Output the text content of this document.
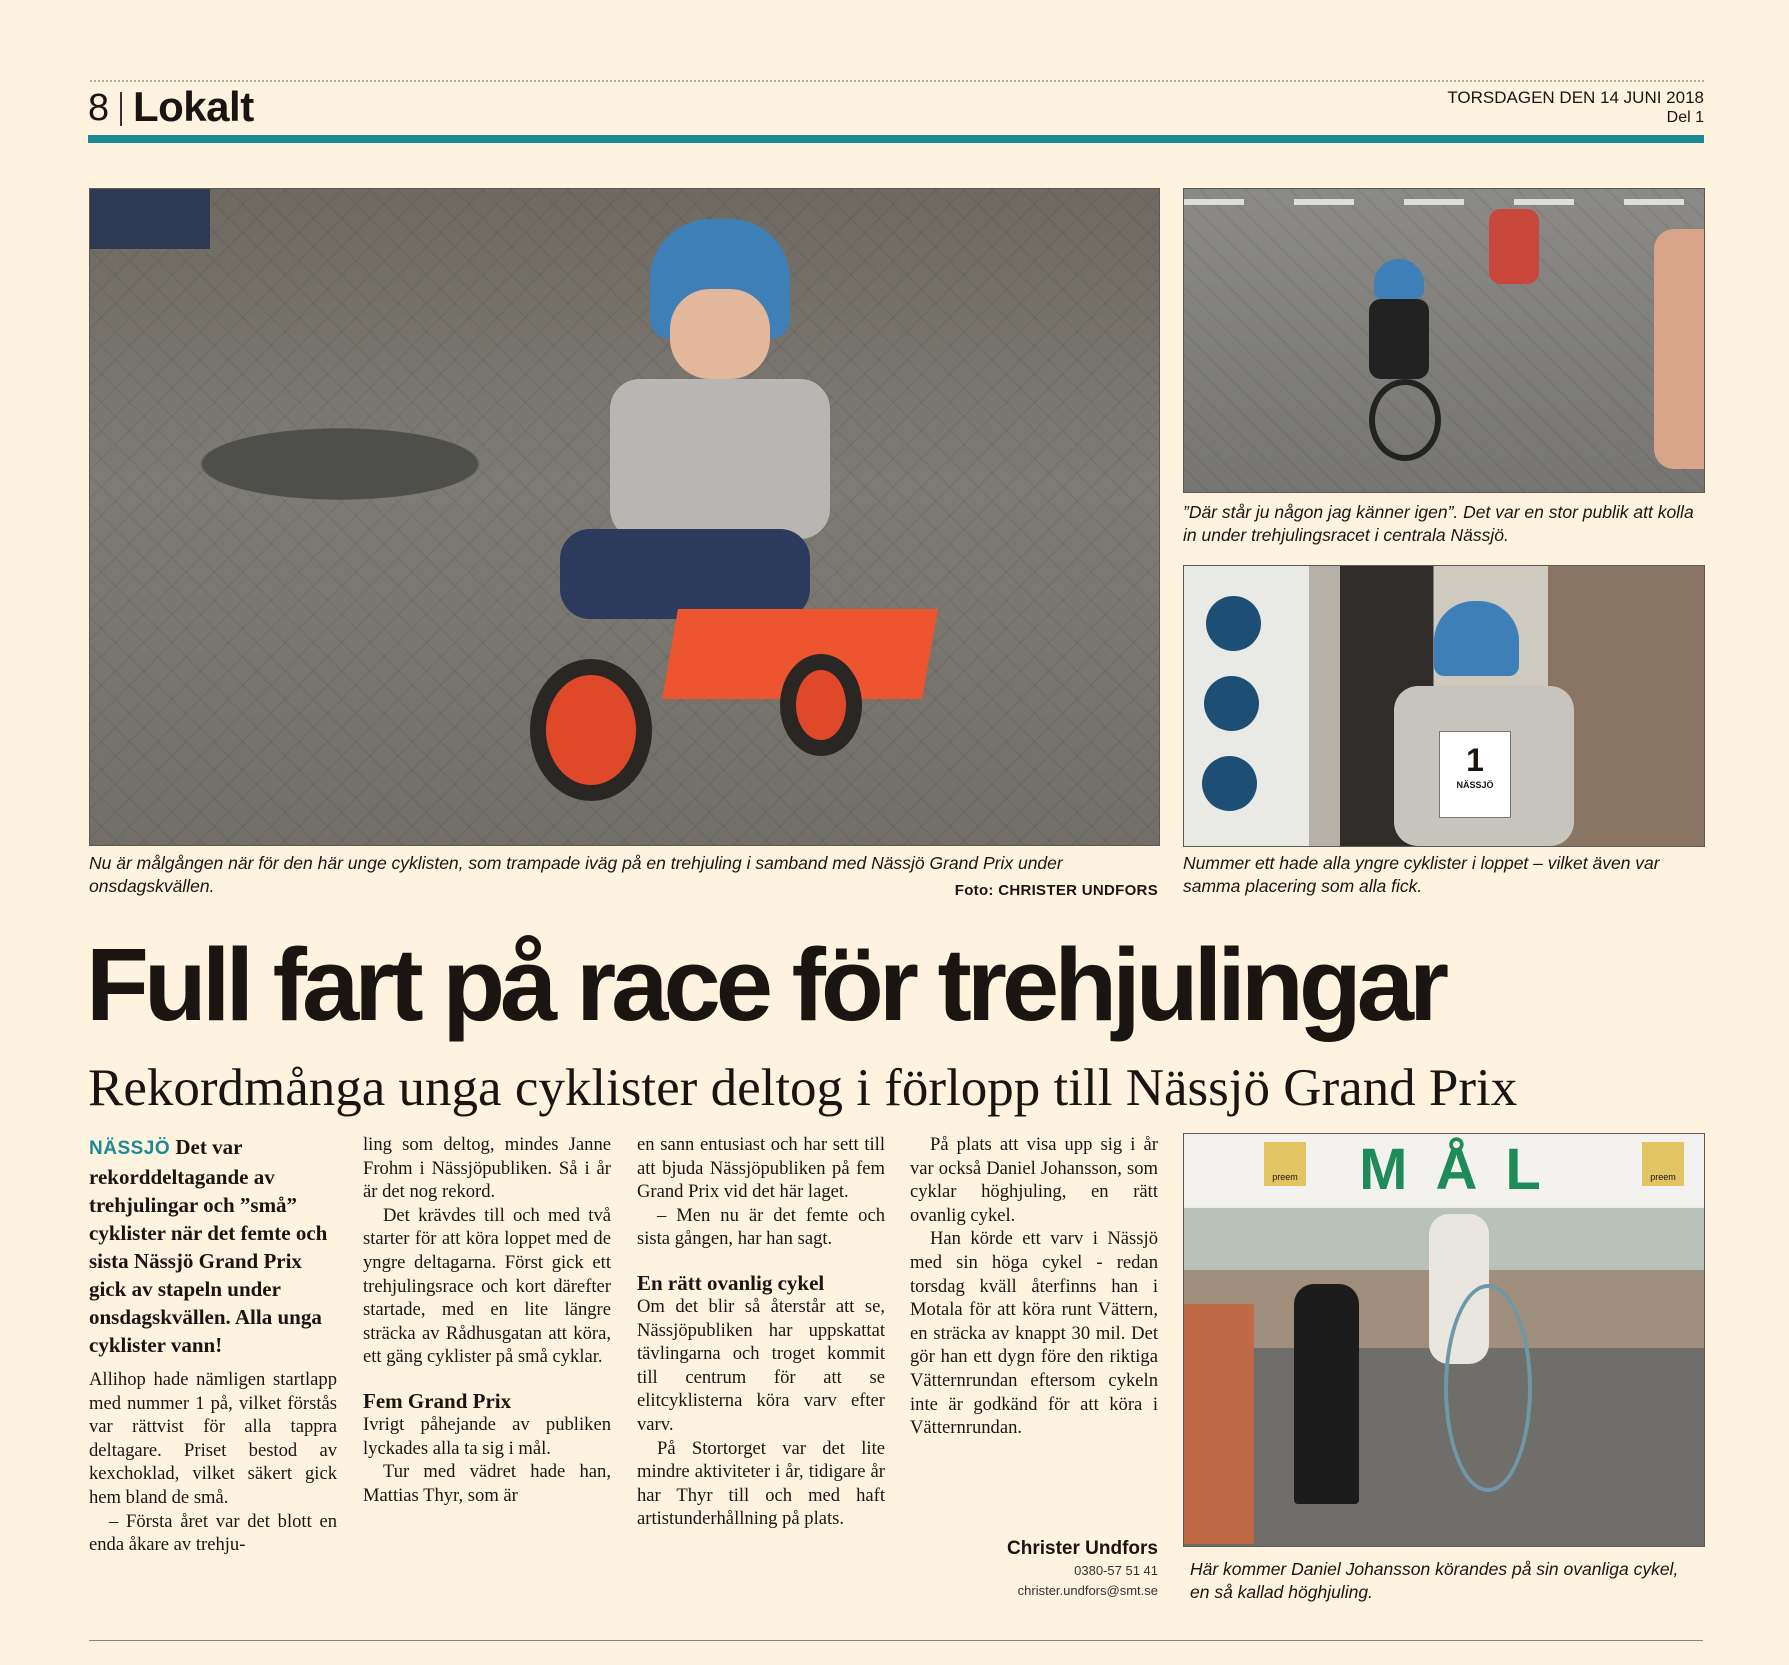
8 Lokalt	TORSDAGEN DEN 14 JUNI 2018
Del 1
Nu är målgången när för den här unge cyklisten, som trampade iväg på en trehjuling i samband med Nässjö Grand Prix under onsdagskvällen.	Foto: CHRISTER UNDFORS
”Där står ju någon jag känner igen”. Det var en stor publik att kolla in under trehjulingsracet i centrala Nässjö.
1
NÄSSJÖ
Nummer ett hade alla yngre cyklister i loppet – vilket även var samma placering som alla fick.
Full fart på race för trehjulingar
Rekordmånga unga cyklister deltog i förlopp till Nässjö Grand Prix
NÄSSJÖ Det var rekorddeltagande av trehjulingar och ”små” cyklister när det femte och sista Nässjö Grand Prix gick av stapeln under onsdagskvällen. Alla unga cyklister vann!

Allihop hade nämligen startlapp med nummer 1 på, vilket förstås var rättvist för alla tappra deltagare. Priset bestod av kexchoklad, vilket säkert gick hem bland de små.

– Första året var det blott en enda åkare av trehju-

ling som deltog, mindes Janne Frohm i Nässjöpubliken. Så i år är det nog rekord.

Det krävdes till och med två starter för att köra loppet med de yngre deltagarna. Först gick ett trehjulingsrace och kort därefter startade, med en lite längre sträcka av Rådhusgatan att köra, ett gäng cyklister på små cyklar.

Fem Grand Prix

Ivrigt påhejande av publiken lyckades alla ta sig i mål.

Tur med vädret hade han, Mattias Thyr, som är

en sann entusiast och har sett till att bjuda Nässjöpubliken på fem Grand Prix vid det här laget.

– Men nu är det femte och sista gången, har han sagt.

En rätt ovanlig cykel

Om det blir så återstår att se, Nässjöpubliken har uppskattat tävlingarna och troget kommit till centrum för att se elitcyklisterna köra varv efter varv.

På Stortorget var det lite mindre aktiviteter i år, tidigare år har Thyr till och med haft artistunderhållning på plats.

På plats att visa upp sig i år var också Daniel Johansson, som cyklar höghjuling, en rätt ovanlig cykel.

Han körde ett varv i Nässjö med sin höga cykel - redan torsdag kväll återfinns han i Motala för att köra runt Vättern, en sträcka av knappt 30 mil. Det gör han ett dygn före den riktiga Vätternrundan eftersom cykeln inte är godkänd för att köra i Vätternrundan.

Christer Undfors
0380-57 51 41
christer.undfors@smt.se
MÅL
preem	preem
Här kommer Daniel Johansson körandes på sin ovanliga cykel, en så kallad höghjuling.
